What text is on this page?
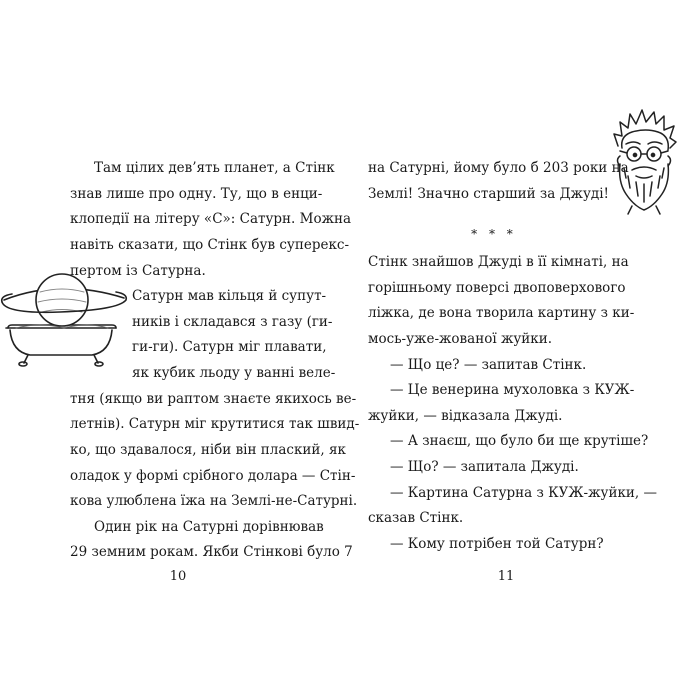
Там цілих дев’ять планет, а Стінк
знав лише про одну. Ту, що в енци-
клопедії на літеру «С»: Сатурн. Можна
навіть сказати, що Стінк був суперекс-
пертом із Сатурна.
Сатурн мав кільця й супут-
ників і складався з газу (ги-
ги-ги). Сатурн міг плавати,
як кубик льоду у ванні веле-
тня (якщо ви раптом знаєте якихось ве-
летнів). Сатурн міг крутитися так швид-
ко, що здавалося, ніби він плаский, як
оладок у формі срібного долара — Стін-
кова улюблена їжа на Землі-не-Сатурні.
Один рік на Сатурні дорівнював
29 земним рокам. Якби Стінкові було 7
10
на Сатурні, йому було б 203 роки на
Землі! Значно старший за Джуді!
* * *
Стінк знайшов Джуді в її кімнаті, на
горішньому поверсі двоповерхового
ліжка, де вона творила картину з ки-
мось-уже-жованої жуйки.
— Що це? — запитав Стінк.
— Це венерина мухоловка з КУЖ-
жуйки, — відказала Джуді.
— А знаєш, що було би ще крутіше?
— Що? — запитала Джуді.
— Картина Сатурна з КУЖ-жуйки, —
сказав Стінк.
— Кому потрібен той Сатурн?
11
